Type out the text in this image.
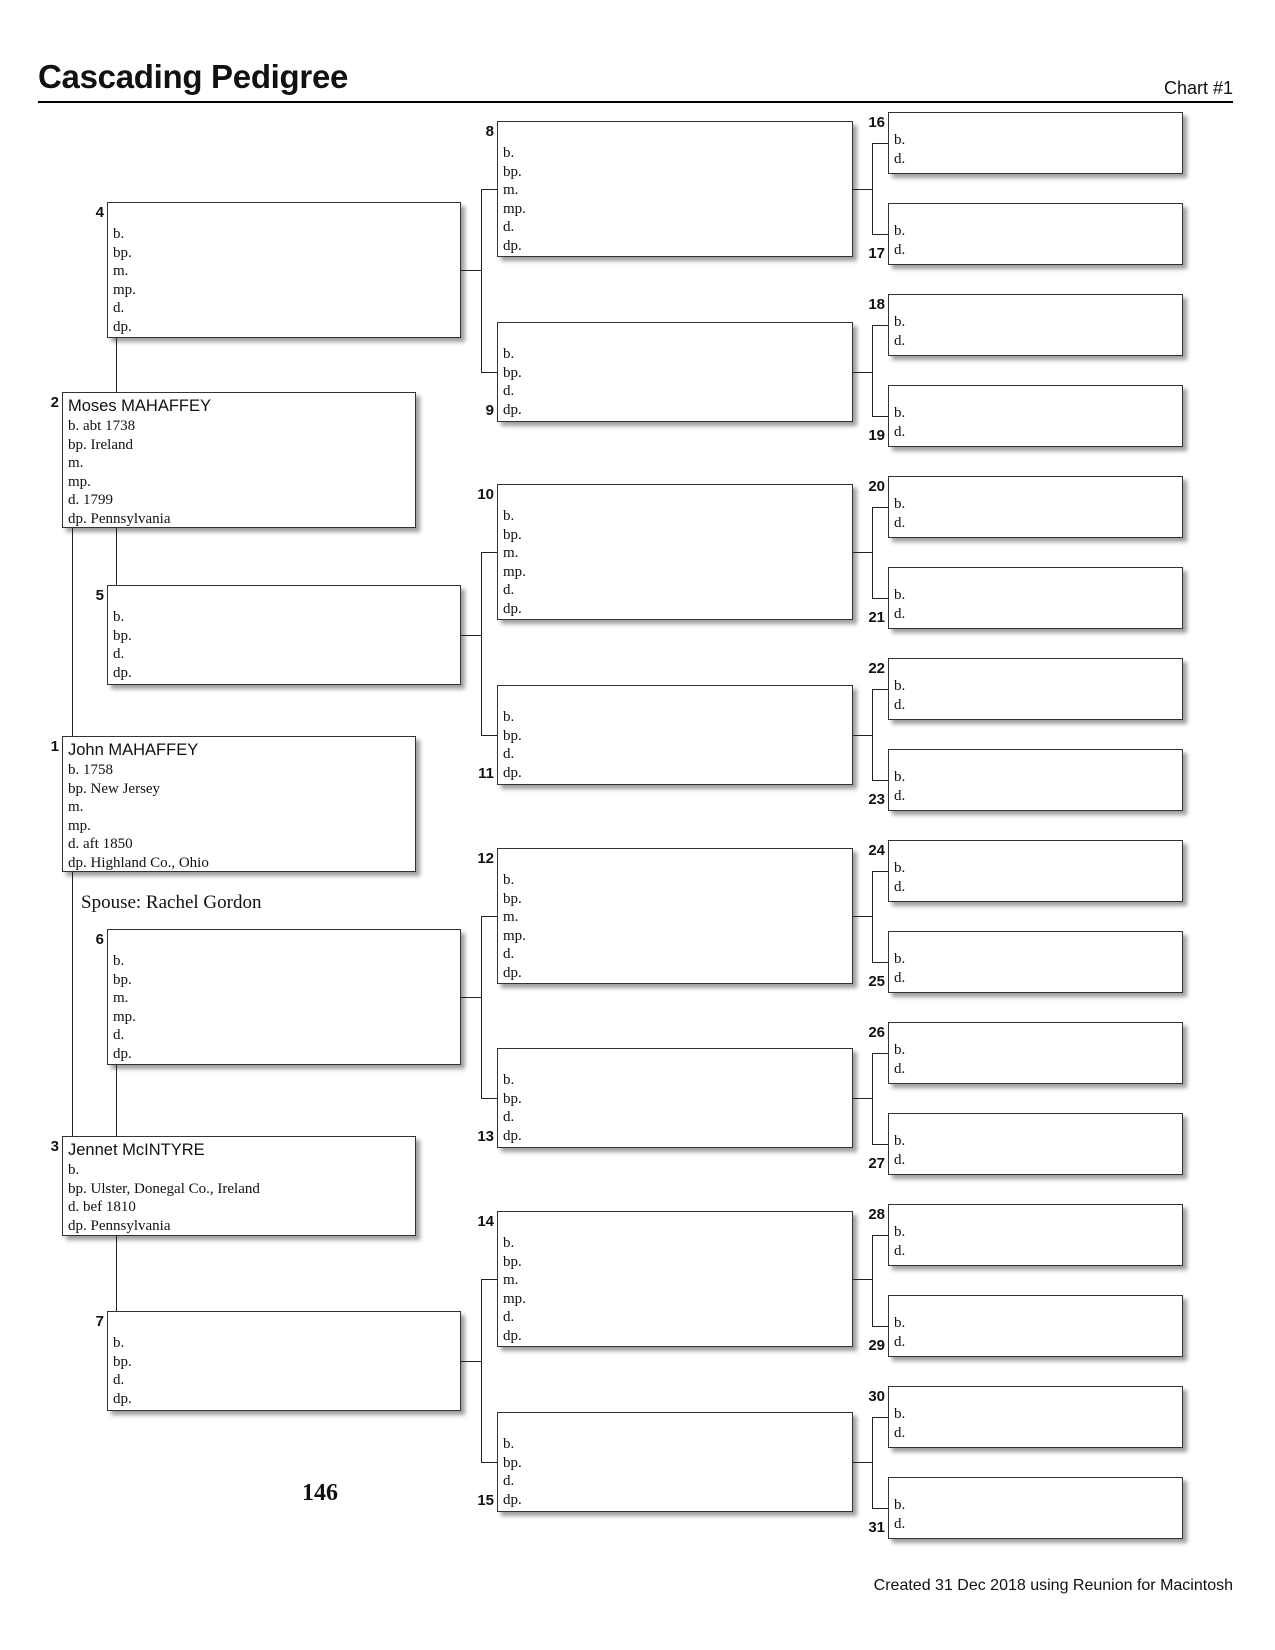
Cascading Pedigree	Chart #1
John MAHAFFEY
b. 1758
bp. New Jersey
m.
mp.
d. aft 1850
dp. Highland Co., Ohio
1
Moses MAHAFFEY
b. abt 1738
bp. Ireland
m.
mp.
d. 1799
dp. Pennsylvania
2
Jennet McINTYRE
b.
bp. Ulster, Donegal Co., Ireland
d. bef 1810
dp. Pennsylvania
3
b.
bp.
m.
mp.
d.
dp.
4
b.
bp.
d.
dp.
5
b.
bp.
m.
mp.
d.
dp.
6
b.
bp.
d.
dp.
7
b.
bp.
m.
mp.
d.
dp.
8
b.
bp.
d.
dp.
9
b.
bp.
m.
mp.
d.
dp.
10
b.
bp.
d.
dp.
11
b.
bp.
m.
mp.
d.
dp.
12
b.
bp.
d.
dp.
13
b.
bp.
m.
mp.
d.
dp.
14
b.
bp.
d.
dp.
15
b.
d.
16
b.
d.
17
b.
d.
18
b.
d.
19
b.
d.
20
b.
d.
21
b.
d.
22
b.
d.
23
b.
d.
24
b.
d.
25
b.
d.
26
b.
d.
27
b.
d.
28
b.
d.
29
b.
d.
30
b.
d.
31
Spouse: Rachel Gordon
146
Created 31 Dec 2018 using Reunion for Macintosh
